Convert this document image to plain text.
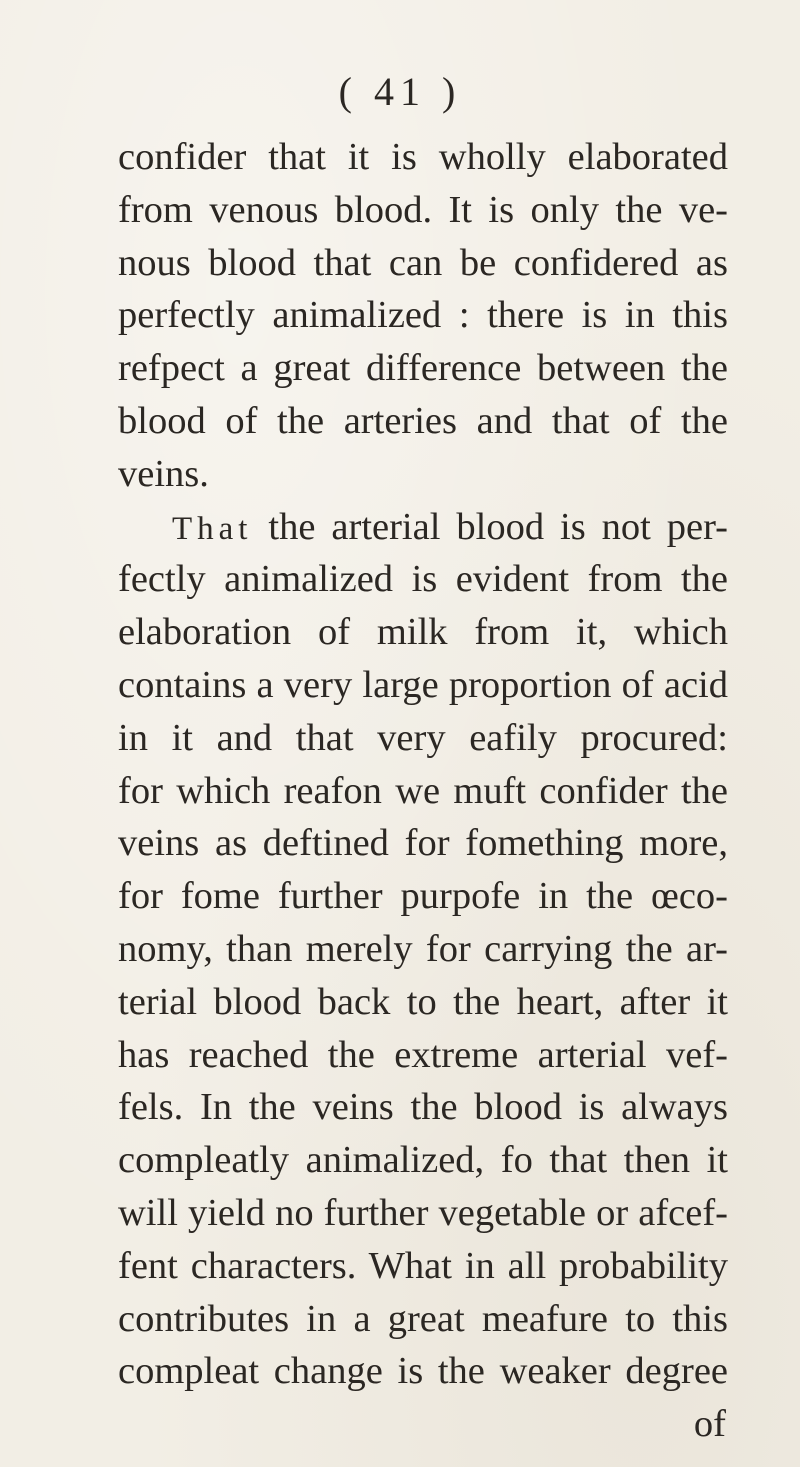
( 41 )
confider that it is wholly elaborated
from venous blood. It is only the ve-
nous blood that can be confidered as
perfectly animalized : there is in this
refpect a great difference between the
blood of the arteries and that of the
veins.
That the arterial blood is not per-
fectly animalized is evident from the
elaboration of milk from it, which
contains a very large proportion of acid
in it and that very eafily procured:
for which reafon we muft confider the
veins as deftined for fomething more,
for fome further purpofe in the œco-
nomy, than merely for carrying the ar-
terial blood back to the heart, after it
has reached the extreme arterial vef-
fels. In the veins the blood is always
compleatly animalized, fo that then it
will yield no further vegetable or afcef-
fent characters. What in all probability
contributes in a great meafure to this
compleat change is the weaker degree
of
